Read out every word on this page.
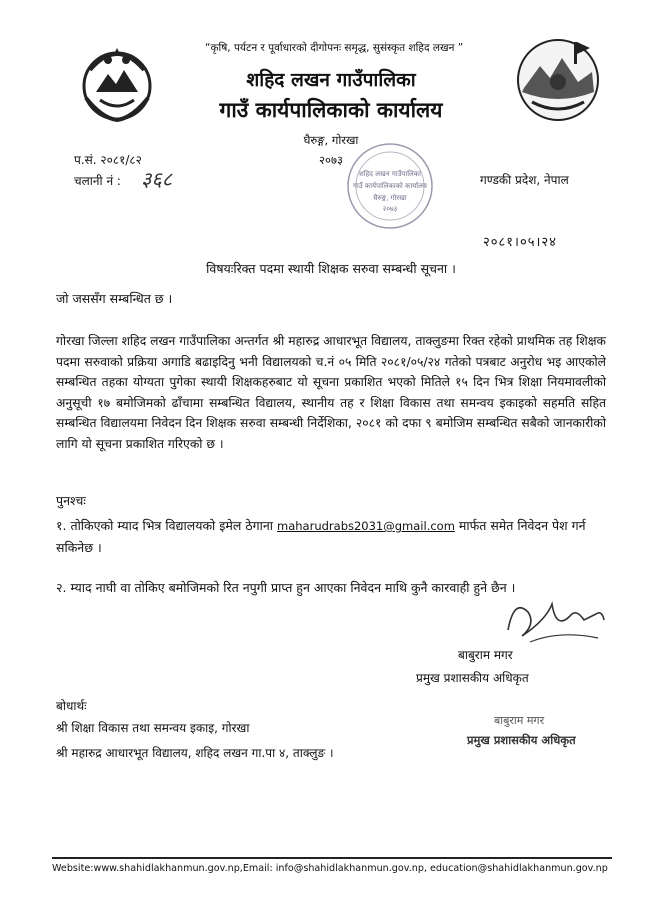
“कृषि, पर्यटन र पूर्वाधारको दीगोपनः समृद्ध, सुसंस्कृत शहिद लखन ”
शहिद लखन गाउँपालिका
गाउँ कार्यपालिकाको कार्यालय
घैरुङ्ग, गोरखा
२०७३
प.सं. २०८१/८२
चलानी नं : ३६८	गण्डकी प्रदेश, नेपाल
शहिद लखन गाउँपालिका
गाउँ कार्यपालिकाको कार्यालय
घैरुङ्ग, गोरखा
२०७३
२०८१।०५।२४
विषयःरिक्त पदमा स्थायी शिक्षक सरुवा सम्बन्धी सूचना ।
जो जससँग सम्बन्धित छ ।
गोरखा जिल्ला शहिद लखन गाउँपालिका अन्तर्गत श्री महारुद्र आधारभूत विद्यालय, ताक्लुङमा रिक्त रहेको प्राथमिक तह शिक्षक पदमा सरुवाको प्रक्रिया अगाडि बढाइदिनु भनी विद्यालयको च.नं ०५ मिति २०८१/०५/२४ गतेको पत्रबाट अनुरोध भइ आएकोले सम्बन्धित तहका योग्यता पुगेका स्थायी शिक्षकहरुबाट यो सूचना प्रकाशित भएको मितिले १५ दिन भित्र शिक्षा नियमावलीको अनुसूची १७ बमोजिमको ढाँचामा सम्बन्धित विद्यालय, स्थानीय तह र शिक्षा विकास तथा समन्वय इकाइको सहमति सहित सम्बन्धित विद्यालयमा निवेदन दिन शिक्षक सरुवा सम्बन्धी निर्देशिका, २०८१ को दफा ९ बमोजिम सम्बन्धित सबैको जानकारीको लागि यो सूचना प्रकाशित गरिएको छ ।
पुनश्चः
१. तोकिएको म्याद भित्र विद्यालयको इमेल ठेगाना maharudrabs2031@gmail.com मार्फत समेत निवेदन पेश गर्न सकिनेछ ।
२. म्याद नाघी वा तोकिए बमोजिमको रित नपुगी प्राप्त हुन आएका निवेदन माथि कुनै कारवाही हुने छैन ।
बाबुराम मगर
प्रमुख प्रशासकीय अधिकृत
बोधार्थः
श्री शिक्षा विकास तथा समन्वय इकाइ, गोरखा
श्री महारुद्र आधारभूत विद्यालय, शहिद लखन गा.पा ४, ताक्लुङ ।
बाबुराम मगर
प्रमुख प्रशासकीय अधिकृत
Website:www.shahidlakhanmun.gov.np,Email: info@shahidlakhanmun.gov.np, education@shahidlakhanmun.gov.np
